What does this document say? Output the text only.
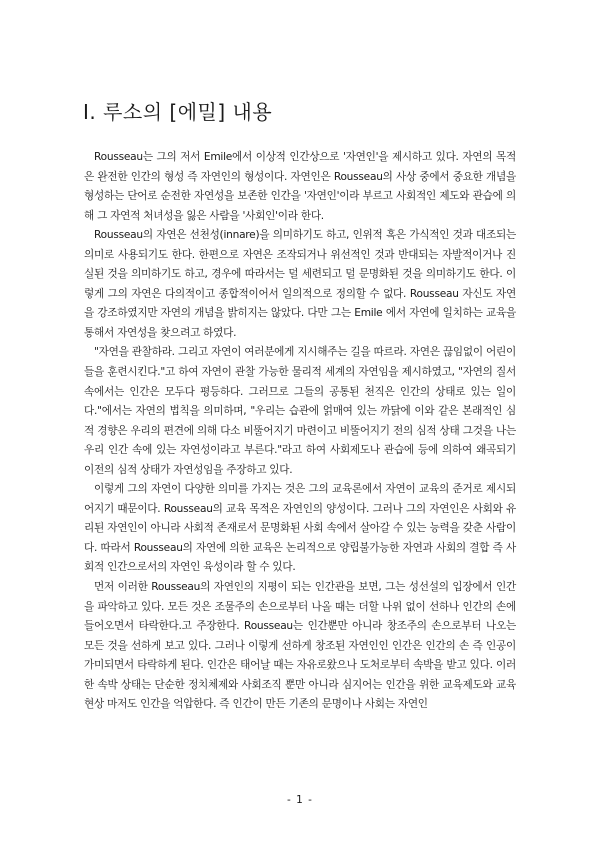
I. 루소의 [에밀] 내용

Rousseau는 그의 저서 Emile에서 이상적 인간상으로 '자연인'을 제시하고 있다. 자연의 목적은 완전한 인간의 형성 즉 자연인의 형성이다. 자연인은 Rousseau의 사상 중에서 중요한 개념을 형성하는 단어로 순전한 자연성을 보존한 인간을 '자연인'이라 부르고 사회적인 제도와 관습에 의해 그 자연적 처녀성을 잃은 사람을 '사회인'이라 한다.

Rousseau의 자연은 선천성(innare)을 의미하기도 하고, 인위적 혹은 가식적인 것과 대조되는 의미로 사용되기도 한다. 한편으로 자연은 조작되거나 위선적인 것과 반대되는 자발적이거나 진실된 것을 의미하기도 하고, 경우에 따라서는 덜 세련되고 덜 문명화된 것을 의미하기도 한다. 이렇게 그의 자연은 다의적이고 종합적이어서 일의적으로 정의할 수 없다. Rousseau 자신도 자연을 강조하였지만 자연의 개념을 밝히지는 않았다. 다만 그는 Emile 에서 자연에 일치하는 교육을 통해서 자연성을 찾으려고 하였다.

"자연을 관찰하라. 그리고 자연이 여러분에게 지시해주는 길을 따르라. 자연은 끊임없이 어린이들을 훈련시킨다."고 하여 자연이 관찰 가능한 물리적 세계의 자연임을 제시하였고, "자연의 질서 속에서는 인간은 모두다 평등하다. 그러므로 그들의 공통된 천직은 인간의 상태로 있는 일이다."에서는 자연의 법칙을 의미하며, "우리는 습관에 얽매여 있는 까닭에 이와 같은 본래적인 심적 경향은 우리의 편견에 의해 다소 비뚤어지기 마련이고 비뚤어지기 전의 심적 상태 그것을 나는 우리 인간 속에 있는 자연성이라고 부른다."라고 하여 사회제도나 관습에 등에 의하여 왜곡되기 이전의 심적 상태가 자연성임을 주장하고 있다.

이렇게 그의 자연이 다양한 의미를 가지는 것은 그의 교육론에서 자연이 교육의 준거로 제시되어지기 때문이다. Rousseau의 교육 목적은 자연인의 양성이다. 그러나 그의 자연인은 사회와 유리된 자연인이 아니라 사회적 존재로서 문명화된 사회 속에서 살아갈 수 있는 능력을 갖춘 사람이다. 따라서 Rousseau의 자연에 의한 교육은 논리적으로 양립불가능한 자연과 사회의 결합 즉 사회적 인간으로서의 자연인 육성이라 할 수 있다.

먼저 이러한 Rousseau의 자연인의 지평이 되는 인간관을 보면, 그는 성선설의 입장에서 인간을 파악하고 있다. 모든 것은 조물주의 손으로부터 나올 때는 더할 나위 없이 선하나 인간의 손에 들어오면서 타락한다.고 주장한다. Rousseau는 인간뿐만 아니라 창조주의 손으로부터 나오는 모든 것을 선하게 보고 있다. 그러나 이렇게 선하게 창조된 자연인인 인간은 인간의 손 즉 인공이 가미되면서 타락하게 된다. 인간은 태어날 때는 자유로왔으나 도처로부터 속박을 받고 있다. 이러한 속박 상태는 단순한 정치체제와 사회조직 뿐만 아니라 심지어는 인간을 위한 교육제도와 교육현상 마저도 인간을 억압한다. 즉 인간이 만든 기존의 문명이나 사회는 자연인

- 1 -
